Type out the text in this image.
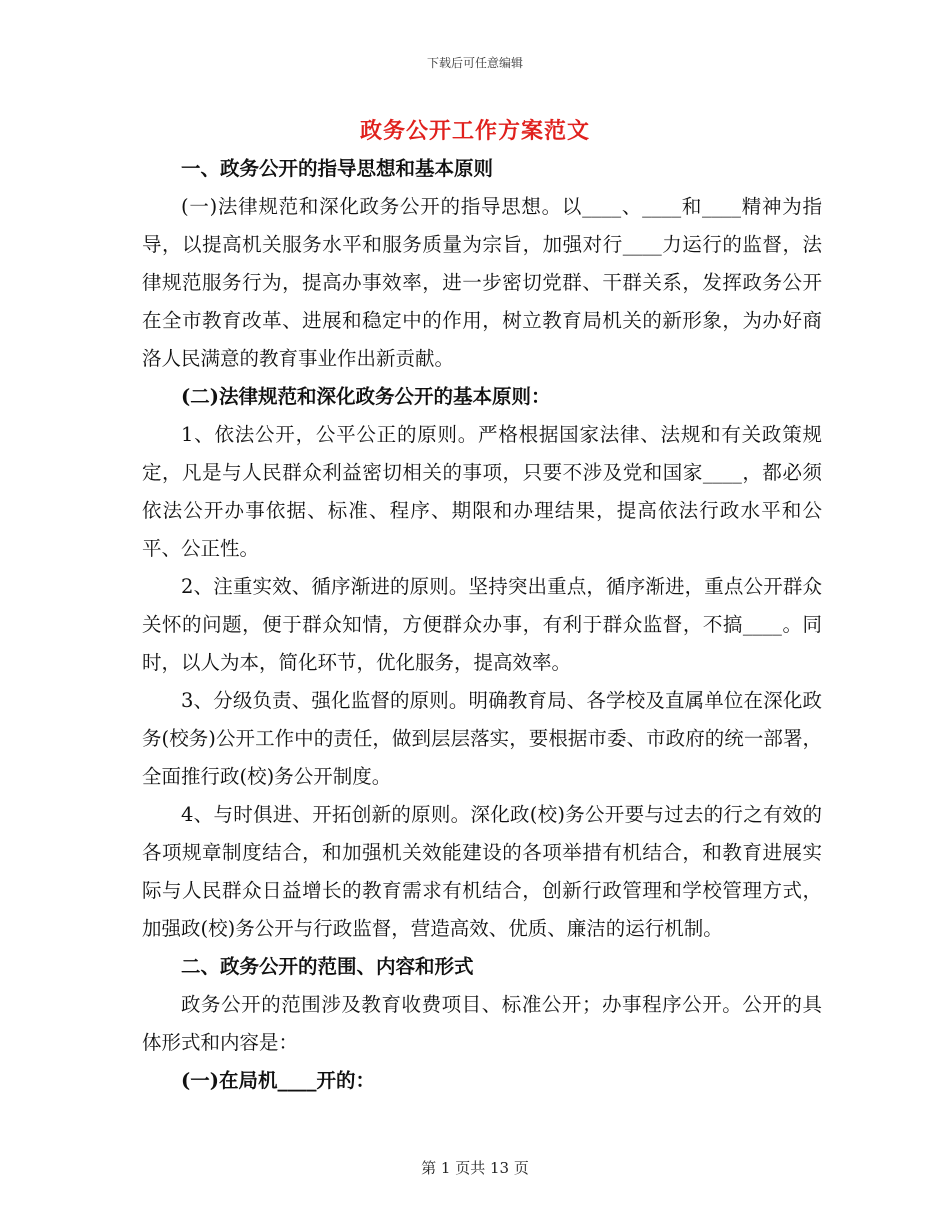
下载后可任意编辑
政务公开工作方案范文

一、政务公开的指导思想和基本原则

(一)法律规范和深化政务公开的指导思想。以____、____和____精神为指导，以提高机关服务水平和服务质量为宗旨，加强对行____力运行的监督，法律规范服务行为，提高办事效率，进一步密切党群、干群关系，发挥政务公开在全市教育改革、进展和稳定中的作用，树立教育局机关的新形象，为办好商洛人民满意的教育事业作出新贡献。

(二)法律规范和深化政务公开的基本原则：

1、依法公开，公平公正的原则。严格根据国家法律、法规和有关政策规定，凡是与人民群众利益密切相关的事项，只要不涉及党和国家____，都必须依法公开办事依据、标准、程序、期限和办理结果，提高依法行政水平和公平、公正性。

2、注重实效、循序渐进的原则。坚持突出重点，循序渐进，重点公开群众关怀的问题，便于群众知情，方便群众办事，有利于群众监督，不搞____。同时，以人为本，简化环节，优化服务，提高效率。

3、分级负责、强化监督的原则。明确教育局、各学校及直属单位在深化政务(校务)公开工作中的责任，做到层层落实，要根据市委、市政府的统一部署，全面推行政(校)务公开制度。

4、与时俱进、开拓创新的原则。深化政(校)务公开要与过去的行之有效的各项规章制度结合，和加强机关效能建设的各项举措有机结合，和教育进展实际与人民群众日益增长的教育需求有机结合，创新行政管理和学校管理方式，加强政(校)务公开与行政监督，营造高效、优质、廉洁的运行机制。

二、政务公开的范围、内容和形式

政务公开的范围涉及教育收费项目、标准公开；办事程序公开。公开的具体形式和内容是：

(一)在局机____开的：

第 1 页共 13 页
